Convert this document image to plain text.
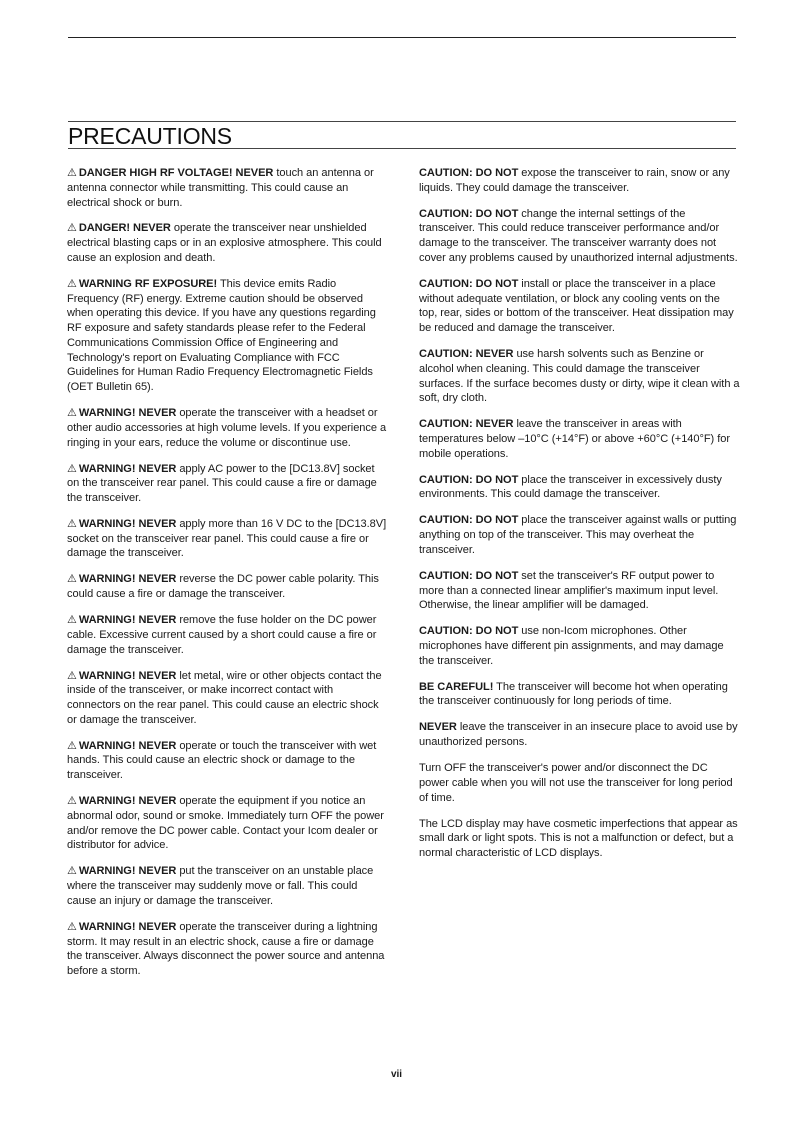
PRECAUTIONS

⚠ DANGER HIGH RF VOLTAGE! NEVER touch an antenna or antenna connector while transmitting. This could cause an electrical shock or burn.

⚠ DANGER! NEVER operate the transceiver near unshielded electrical blasting caps or in an explosive atmosphere. This could cause an explosion and death.

⚠ WARNING RF EXPOSURE! This device emits Radio Frequency (RF) energy. Extreme caution should be observed when operating this device. If you have any questions regarding RF exposure and safety standards please refer to the Federal Communications Commission Office of Engineering and Technology's report on Evaluating Compliance with FCC Guidelines for Human Radio Frequency Electromagnetic Fields (OET Bulletin 65).

⚠ WARNING! NEVER operate the transceiver with a headset or other audio accessories at high volume levels. If you experience a ringing in your ears, reduce the volume or discontinue use.

⚠ WARNING! NEVER apply AC power to the [DC13.8V] socket on the transceiver rear panel. This could cause a fire or damage the transceiver.

⚠ WARNING! NEVER apply more than 16 V DC to the [DC13.8V] socket on the transceiver rear panel. This could cause a fire or damage the transceiver.

⚠ WARNING! NEVER reverse the DC power cable polarity. This could cause a fire or damage the transceiver.

⚠ WARNING! NEVER remove the fuse holder on the DC power cable. Excessive current caused by a short could cause a fire or damage the transceiver.

⚠ WARNING! NEVER let metal, wire or other objects contact the inside of the transceiver, or make incorrect contact with connectors on the rear panel. This could cause an electric shock or damage the transceiver.

⚠ WARNING! NEVER operate or touch the transceiver with wet hands. This could cause an electric shock or damage to the transceiver.

⚠ WARNING! NEVER operate the equipment if you notice an abnormal odor, sound or smoke. Immediately turn OFF the power and/or remove the DC power cable. Contact your Icom dealer or distributor for advice.

⚠ WARNING! NEVER put the transceiver on an unstable place where the transceiver may suddenly move or fall. This could cause an injury or damage the transceiver.

⚠ WARNING! NEVER operate the transceiver during a lightning storm. It may result in an electric shock, cause a fire or damage the transceiver. Always disconnect the power source and antenna before a storm.

CAUTION: DO NOT expose the transceiver to rain, snow or any liquids. They could damage the transceiver.

CAUTION: DO NOT change the internal settings of the transceiver. This could reduce transceiver performance and/or damage to the transceiver. The transceiver warranty does not cover any problems caused by unauthorized internal adjustments.

CAUTION: DO NOT install or place the transceiver in a place without adequate ventilation, or block any cooling vents on the top, rear, sides or bottom of the transceiver. Heat dissipation may be reduced and damage the transceiver.

CAUTION: NEVER use harsh solvents such as Benzine or alcohol when cleaning. This could damage the transceiver surfaces. If the surface becomes dusty or dirty, wipe it clean with a soft, dry cloth.

CAUTION: NEVER leave the transceiver in areas with temperatures below –10°C (+14°F) or above +60°C (+140°F) for mobile operations.

CAUTION: DO NOT place the transceiver in excessively dusty environments. This could damage the transceiver.

CAUTION: DO NOT place the transceiver against walls or putting anything on top of the transceiver. This may overheat the transceiver.

CAUTION: DO NOT set the transceiver's RF output power to more than a connected linear amplifier's maximum input level. Otherwise, the linear amplifier will be damaged.

CAUTION: DO NOT use non-Icom microphones. Other microphones have different pin assignments, and may damage the transceiver.

BE CAREFUL! The transceiver will become hot when operating the transceiver continuously for long periods of time.

NEVER leave the transceiver in an insecure place to avoid use by unauthorized persons.

Turn OFF the transceiver's power and/or disconnect the DC power cable when you will not use the transceiver for long period of time.

The LCD display may have cosmetic imperfections that appear as small dark or light spots. This is not a malfunction or defect, but a normal characteristic of LCD displays.

vii
